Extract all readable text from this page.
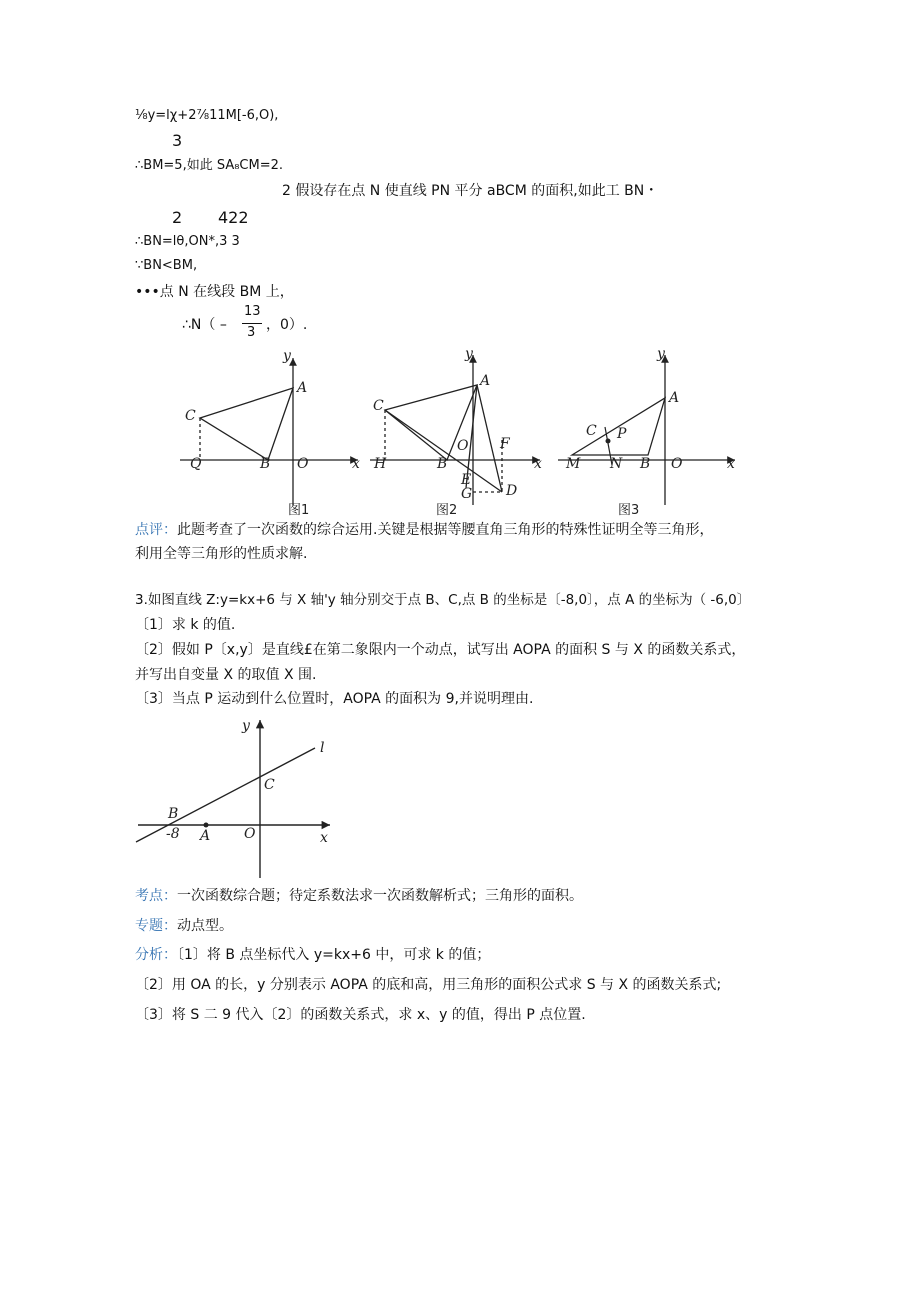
⅛y=lχ+2⅞11M[-6,O),
3
∴BM=5,如此 SA₈CM=2.
2 假设存在点 N 使直线 PN 平分 aBCM 的面积,如此工 BN・
2 422
∴BN=lθ,ON*,3 3
∵BN<BM,
•••点 N 在线段 BM 上，
∴N（ –
13
3 ，0）.
y
A
C
Q	B O	x
图1
y
A
C
H	B
O
E
F
G D
x
图2
y
A
C P
M N B O	x
图3
点评：此题考查了一次函数的综合运用.关键是根据等腰直角三角形的特殊性证明全等三角形，
利用全等三角形的性质求解.
3.如图直线 Z:y=kx+6 与 X 轴'y 轴分别交于点 B、C,点 B 的坐标是〔-8,0〕，点 A 的坐标为（ -6,0〕
〔1〕求 k 的值.
〔2〕假如 P〔x,y〕是直线£在第二象限内一个动点，试写出 AOPA 的面积 S 与 X 的函数关系式，
并写出自变量 X 的取值 X 围.
〔3〕当点 P 运动到什么位置时，AOPA 的面积为 9,并说明理由.
y
l
C
B
-8 A O	x
考点：一次函数综合题；待定系数法求一次函数解析式；三角形的面积。
专题：动点型。
分析：〔1〕将 B 点坐标代入 y=kx+6 中，可求 k 的值；
〔2〕用 OA 的长，y 分别表示 AOPA 的底和高，用三角形的面积公式求 S 与 X 的函数关系式;
〔3〕将 S 二 9 代入〔2〕的函数关系式，求 x、y 的值，得出 P 点位置.
